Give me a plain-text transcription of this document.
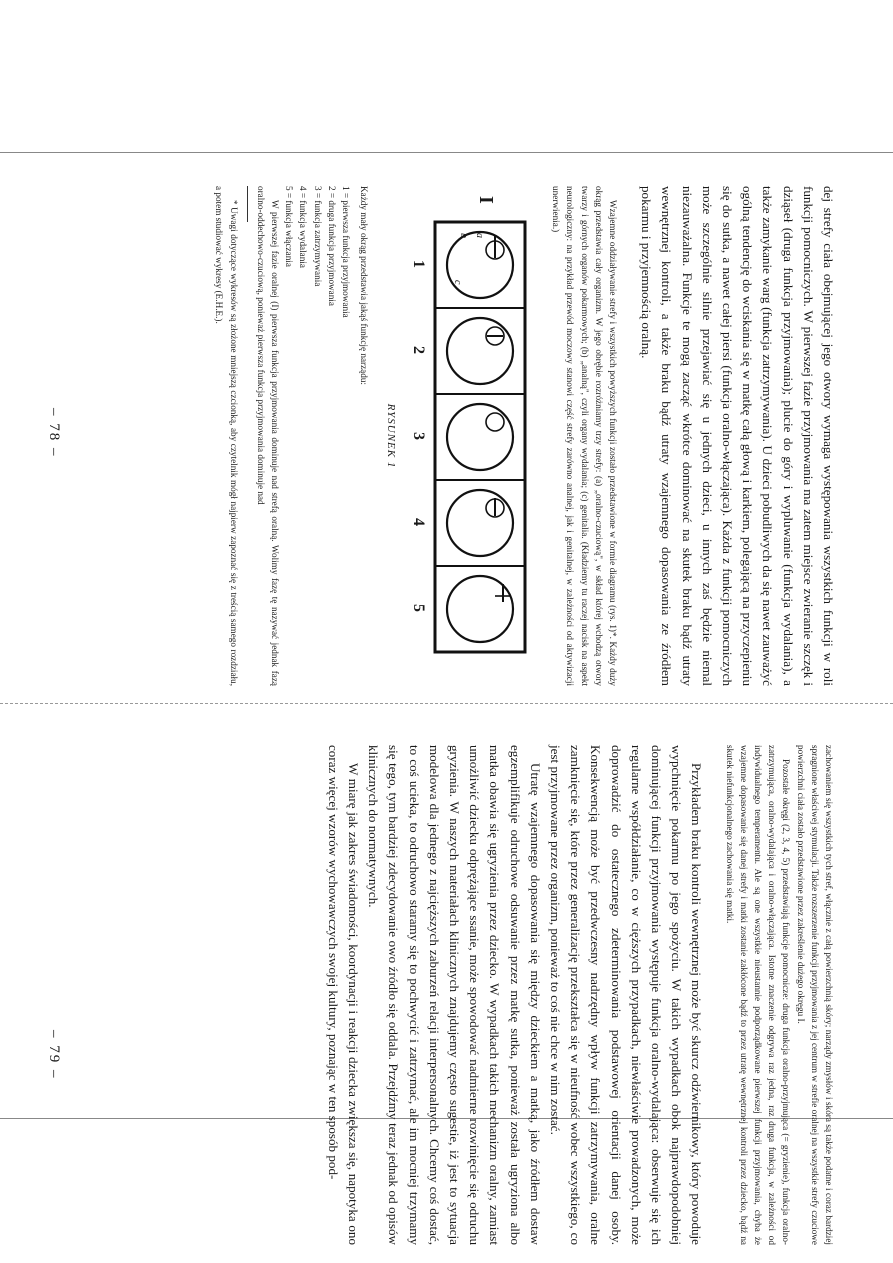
dej strefy ciała obejmującej jego otwory wymaga występowania wszystkich funkcji w roli funkcji pomocniczych. W pierwszej fazie przyjmowania ma zatem miejsce zwieranie szczęk i dziąseł (druga funkcja przyjmowania); plucie do góry i wypluwanie (funkcja wydalania), a także zamykanie warg (funkcja zatrzymywania). U dzieci pobudliwych da się nawet zauważyć ogólną tendencję do wciskania się w matkę całą głową i karkiem, polegającą na przyczepieniu się do sutka, a nawet całej piersi (funkcja oralno-włączająca). Każda z funkcji pomocniczych może szczególnie silnie przejawiać się u jednych dzieci, u innych zaś będzie niemal niezauważalna. Funkcje te mogą zacząć wkrótce dominować na skutek braku bądź utraty wewnętrznej kontroli, a także braku bądź utraty wzajemnego dopasowania ze źródłem pokarmu i przyjemnością oralną.

Wzajemne oddziaływanie strefy i wszystkich powyższych funkcji zostało przedstawione w formie diagramu (rys. 1)*. Każdy duży okrąg przedstawia cały organizm. W jego obrębie rozróżniamy trzy strefy: (a) „oralno-czuciową", w skład której wchodzą otwory twarzy i górnych organów pokarmowych; (b) „analną", czyli organy wydalania; (c) genitalia. (Kładziemy tu raczej nacisk na aspekt neurologiczny: na przykład przewód moczowy stanowi część strefy zarówno analnej, jak i genitalnej, w zależności od aktywizacji unerwienia.)

I
a
b
c
1
2
3
4
5
RYSUNEK 1

Każdy mały okrąg przedstawia jakąś funkcję narządu:

1 = pierwsza funkcja przyjmowania

2 = druga funkcja przyjmowania

3 = funkcja zatrzymywania

4 = funkcja wydalania

5 = funkcja włączania

W pierwszej fazie oralnej (I) pierwsza funkcja przyjmowania dominuje nad strefą oralną. Wolimy fazę tę nazywać jednak fazą oralno-oddechowo-czuciową, ponieważ pierwsza funkcja przyjmowania dominuje nad

* Uwagi dotyczące wykresów są złożone mniejszą czcionką, aby czytelnik mógł najpierw zapoznać się z treścią samego rozdziału, a potem studiować wykresy (E.H.E.).

– 78 –

zachowaniem się wszystkich tych stref, włącznie z całą powierzchnią skóry; narządy zmysłów i skóra są także podatne i coraz bardziej spragnione właściwej stymulacji. Także rozszerzenie funkcji przyjmowania z jej centrum w strefie oralnej na wszystkie strefy czuciowe powierzchni ciała zostało przedstawione przez zakreślenie dużego okręgu I.

Pozostałe okręgi (2, 3, 4, 5) przedstawiają funkcje pomocnicze: druga funkcja oralno-przyjmująca (= gryzienie), funkcja oralno-zatrzymująca, oralno-wydalająca i oralno-włączająca. Istotne znaczenie odgrywa raz jedna, raz druga funkcja, w zależności od indywidualnego temperamentu. Ale są one wszystkie nieustannie podporządkowane pierwszej funkcji przyjmowania, chyba że wzajemne dopasowanie się danej strefy i matki zostanie zakłócone bądź to przez utratę wewnętrznej kontroli przez dziecko, bądź na skutek niefunkcjonalnego zachowania się matki.

Przykładem braku kontroli wewnętrznej może być skurcz odźwiernikowy, który powoduje wypchnięcie pokarmu po jego spożyciu. W takich wypadkach obok najprawdopodobniej dominującej funkcji przyjmowania występuje funkcja oralno-wydalająca: obserwuje się ich regularne współdziałanie, co w cięższych przypadkach, niewłaściwie prowadzonych, może doprowadzić do ostatecznego zdeterminowania podstawowej orientacji danej osoby. Konsekwencją może być przedwczesny nadrzędny wpływ funkcji zatrzymywania, oralne zamknięcie się, które przez generalizację przekształca się w nieufność wobec wszystkiego, co jest przyjmowane przez organizm, ponieważ to coś nie chce w nim zostać.

Utratę wzajemnego dopasowania się między dzieckiem a matką, jako źródłem dostaw egzemplifikuje odruchowe odsuwanie przez matkę sutka, ponieważ została ugryziona albo matka obawia się ugryzienia przez dziecko. W wypadkach takich mechanizm oralny, zamiast umożliwić dziecku odprężające ssanie, może spowodować nadmierne rozwinięcie się odruchu gryzienia. W naszych materiałach klinicznych znajdujemy często sugestie, iż jest to sytuacja modelowa dla jednego z najcięższych zaburzeń relacji interpersonalnych. Chcemy coś dostać, to coś ucieka, to odruchowo staramy się to pochwycić i zatrzymać, ale im mocniej trzymamy się tego, tym bardziej zdecydowanie owo źródło się oddala. Przejdźmy teraz jednak od opisów klinicznych do normatywnych.

W miarę jak zakres świadomości, koordynacji i reakcji dziecka zwiększa się, napotyka ono coraz więcej wzorów wychowawczych swojej kultury, poznając w ten sposób pod-

– 79 –
